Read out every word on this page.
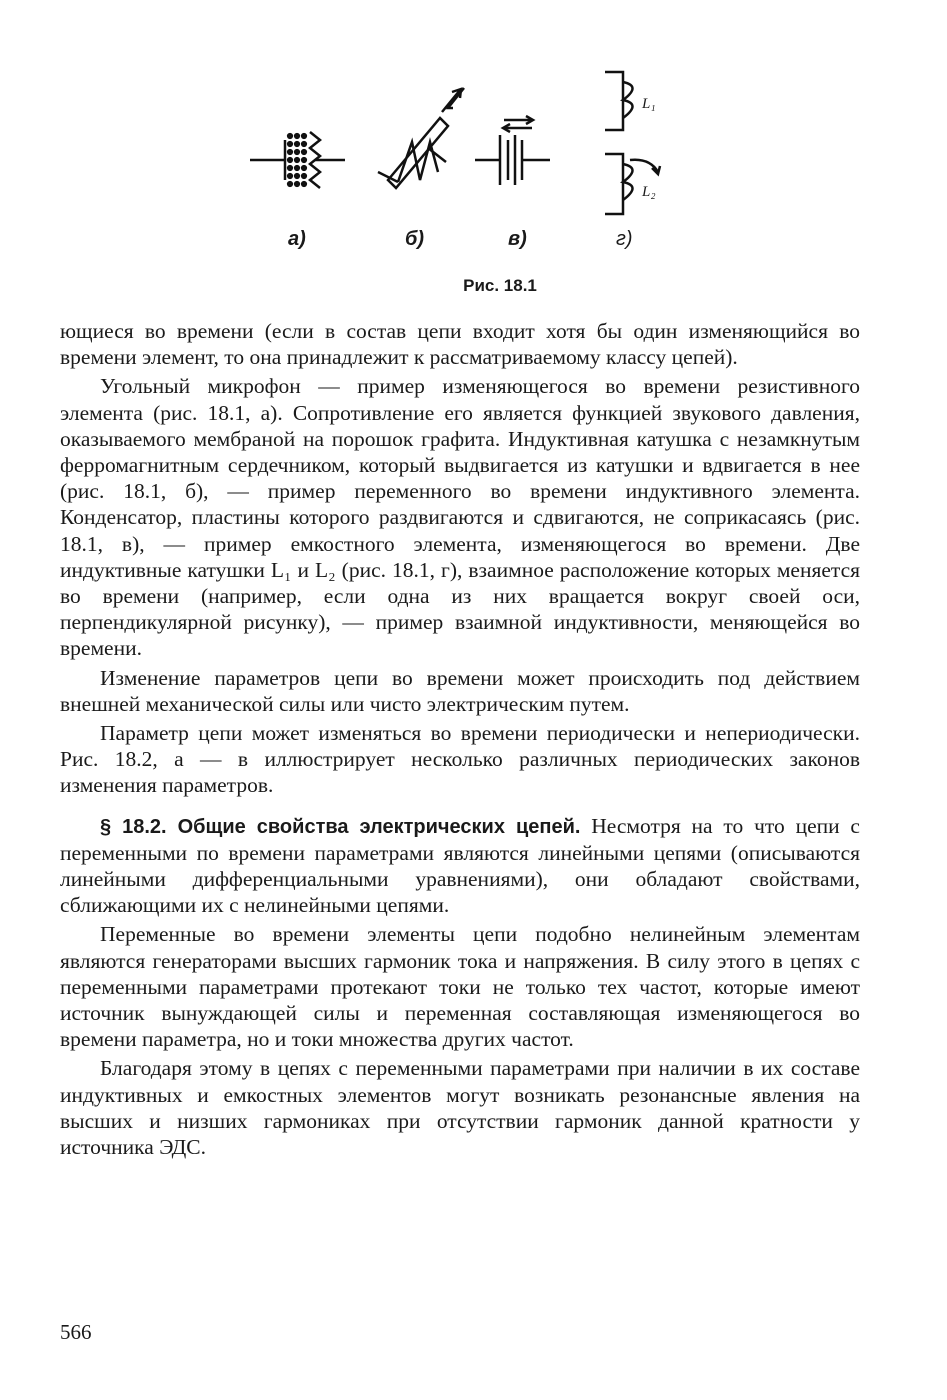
а)	б)	в)	г)
L₁
L₂
Рис. 18.1

ющиеся во времени (если в состав цепи входит хотя бы один изменяющийся во времени элемент, то она принадлежит к рассматриваемому классу цепей).

Угольный микрофон — пример изменяющегося во времени резистивного элемента (рис. 18.1, а). Сопротивление его является функцией звукового давления, оказываемого мембраной на порошок графита. Индуктивная катушка с незамкнутым ферромагнитным сердечником, который выдвигается из катушки и вдвигается в нее (рис. 18.1, б), — пример переменного во времени индуктивного элемента. Конденсатор, пластины которого раздвигаются и сдвигаются, не соприкасаясь (рис. 18.1, в), — пример емкостного элемента, изменяющегося во времени. Две индуктивные катушки L₁ и L₂ (рис. 18.1, г), взаимное расположение которых меняется во времени (например, если одна из них вращается вокруг своей оси, перпендикулярной рисунку), — пример взаимной индуктивности, меняющейся во времени.

Изменение параметров цепи во времени может происходить под действием внешней механической силы или чисто электрическим путем.

Параметр цепи может изменяться во времени периодически и непериодически. Рис. 18.2, а — в иллюстрирует несколько различных периодических законов изменения параметров.

§ 18.2. Общие свойства электрических цепей. Несмотря на то что цепи с переменными по времени параметрами являются линейными цепями (описываются линейными дифференциальными уравнениями), они обладают свойствами, сближающими их с нелинейными цепями.

Переменные во времени элементы цепи подобно нелинейным элементам являются генераторами высших гармоник тока и напряжения. В силу этого в цепях с переменными параметрами протекают токи не только тех частот, которые имеют источник вынуждающей силы и переменная составляющая изменяющегося во времени параметра, но и токи множества других частот.

Благодаря этому в цепях с переменными параметрами при наличии в их составе индуктивных и емкостных элементов могут возникать резонансные явления на высших и низших гармониках при отсутствии гармоник данной кратности у источника ЭДС.

566
